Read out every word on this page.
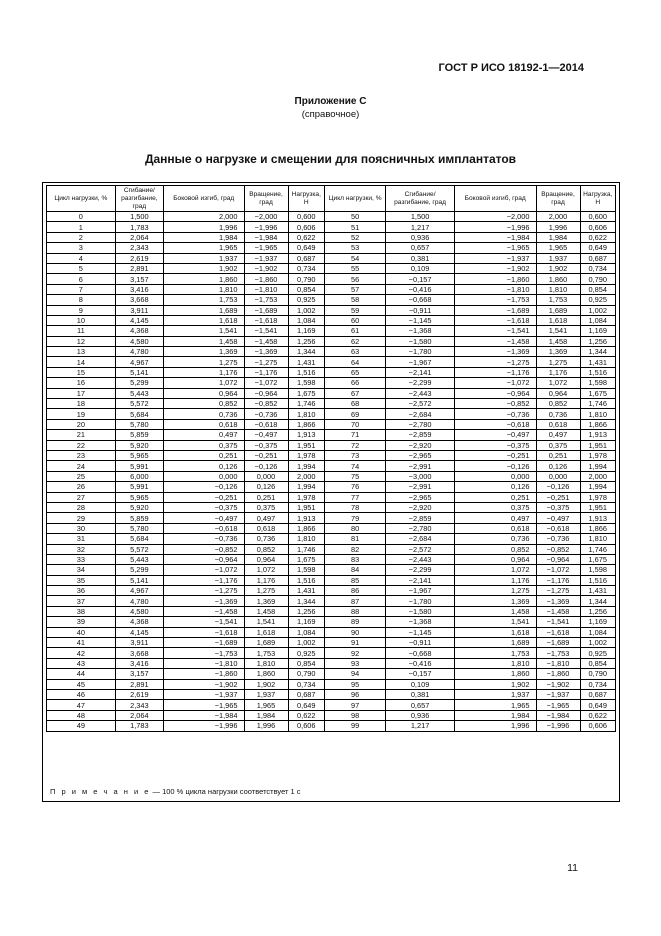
ГОСТ Р ИСО 18192-1—2014
Приложение С
(справочное)
Данные о нагрузке и смещении для поясничных имплантатов
Цикл нагрузки, %	Сгибание/разгибание, град	Боковой изгиб, град	Вращение, град	Нагрузка, Н	Цикл нагрузки, %	Сгибание/разгибание, град	Боковой изгиб, град	Вращение, град	Нагрузка, Н
0	1,500	2,000	−2,000	0,600	50	1,500	−2,000	2,000	0,600
1	1,783	1,996	−1,996	0,606	51	1,217	−1,996	1,996	0,606
2	2,064	1,984	−1,984	0,622	52	0,936	−1,984	1,984	0,622
3	2,343	1,965	−1,965	0,649	53	0,657	−1,965	1,965	0,649
4	2,619	1,937	−1,937	0,687	54	0,381	−1,937	1,937	0,687
5	2,891	1,902	−1,902	0,734	55	0,109	−1,902	1,902	0,734
6	3,157	1,860	−1,860	0,790	56	−0,157	−1,860	1,860	0,790
7	3,416	1,810	−1,810	0,854	57	−0,416	−1,810	1,810	0,854
8	3,668	1,753	−1,753	0,925	58	−0,668	−1,753	1,753	0,925
9	3,911	1,689	−1,689	1,002	59	−0,911	−1,689	1,689	1,002
10	4,145	1,618	−1,618	1,084	60	−1,145	−1,618	1,618	1,084
11	4,368	1,541	−1,541	1,169	61	−1,368	−1,541	1,541	1,169
12	4,580	1,458	−1,458	1,256	62	−1,580	−1,458	1,458	1,256
13	4,780	1,369	−1,369	1,344	63	−1,780	−1,369	1,369	1,344
14	4,967	1,275	−1,275	1,431	64	−1,967	−1,275	1,275	1,431
15	5,141	1,176	−1,176	1,516	65	−2,141	−1,176	1,176	1,516
16	5,299	1,072	−1,072	1,598	66	−2,299	−1,072	1,072	1,598
17	5,443	0,964	−0,964	1,675	67	−2,443	−0,964	0,964	1,675
18	5,572	0,852	−0,852	1,746	68	−2,572	−0,852	0,852	1,746
19	5,684	0,736	−0,736	1,810	69	−2,684	−0,736	0,736	1,810
20	5,780	0,618	−0,618	1,866	70	−2,780	−0,618	0,618	1,866
21	5,859	0,497	−0,497	1,913	71	−2,859	−0,497	0,497	1,913
22	5,920	0,375	−0,375	1,951	72	−2,920	−0,375	0,375	1,951
23	5,965	0,251	−0,251	1,978	73	−2,965	−0,251	0,251	1,978
24	5,991	0,126	−0,126	1,994	74	−2,991	−0,126	0,126	1,994
25	6,000	0,000	0,000	2,000	75	−3,000	0,000	0,000	2,000
26	5,991	−0,126	0,126	1,994	76	−2,991	0,126	−0,126	1,994
27	5,965	−0,251	0,251	1,978	77	−2,965	0,251	−0,251	1,978
28	5,920	−0,375	0,375	1,951	78	−2,920	0,375	−0,375	1,951
29	5,859	−0,497	0,497	1,913	79	−2,859	0,497	−0,497	1,913
30	5,780	−0,618	0,618	1,866	80	−2,780	0,618	−0,618	1,866
31	5,684	−0,736	0,736	1,810	81	−2,684	0,736	−0,736	1,810
32	5,572	−0,852	0,852	1,746	82	−2,572	0,852	−0,852	1,746
33	5,443	−0,964	0,964	1,675	83	−2,443	0,964	−0,964	1,675
34	5,299	−1,072	1,072	1,598	84	−2,299	1,072	−1,072	1,598
35	5,141	−1,176	1,176	1,516	85	−2,141	1,176	−1,176	1,516
36	4,967	−1,275	1,275	1,431	86	−1,967	1,275	−1,275	1,431
37	4,780	−1,369	1,369	1,344	87	−1,780	1,369	−1,369	1,344
38	4,580	−1,458	1,458	1,256	88	−1,580	1,458	−1,458	1,256
39	4,368	−1,541	1,541	1,169	89	−1,368	1,541	−1,541	1,169
40	4,145	−1,618	1,618	1,084	90	−1,145	1,618	−1,618	1,084
41	3,911	−1,689	1,689	1,002	91	−0,911	1,689	−1,689	1,002
42	3,668	−1,753	1,753	0,925	92	−0,668	1,753	−1,753	0,925
43	3,416	−1,810	1,810	0,854	93	−0,416	1,810	−1,810	0,854
44	3,157	−1,860	1,860	0,790	94	−0,157	1,860	−1,860	0,790
45	2,891	−1,902	1,902	0,734	95	0,109	1,902	−1,902	0,734
46	2,619	−1,937	1,937	0,687	96	0,381	1,937	−1,937	0,687
47	2,343	−1,965	1,965	0,649	97	0,657	1,965	−1,965	0,649
48	2,064	−1,984	1,984	0,622	98	0,936	1,984	−1,984	0,622
49	1,783	−1,996	1,996	0,606	99	1,217	1,996	−1,996	0,606
П р и м е ч а н и е — 100 % цикла нагрузки соответствует 1 с
11
